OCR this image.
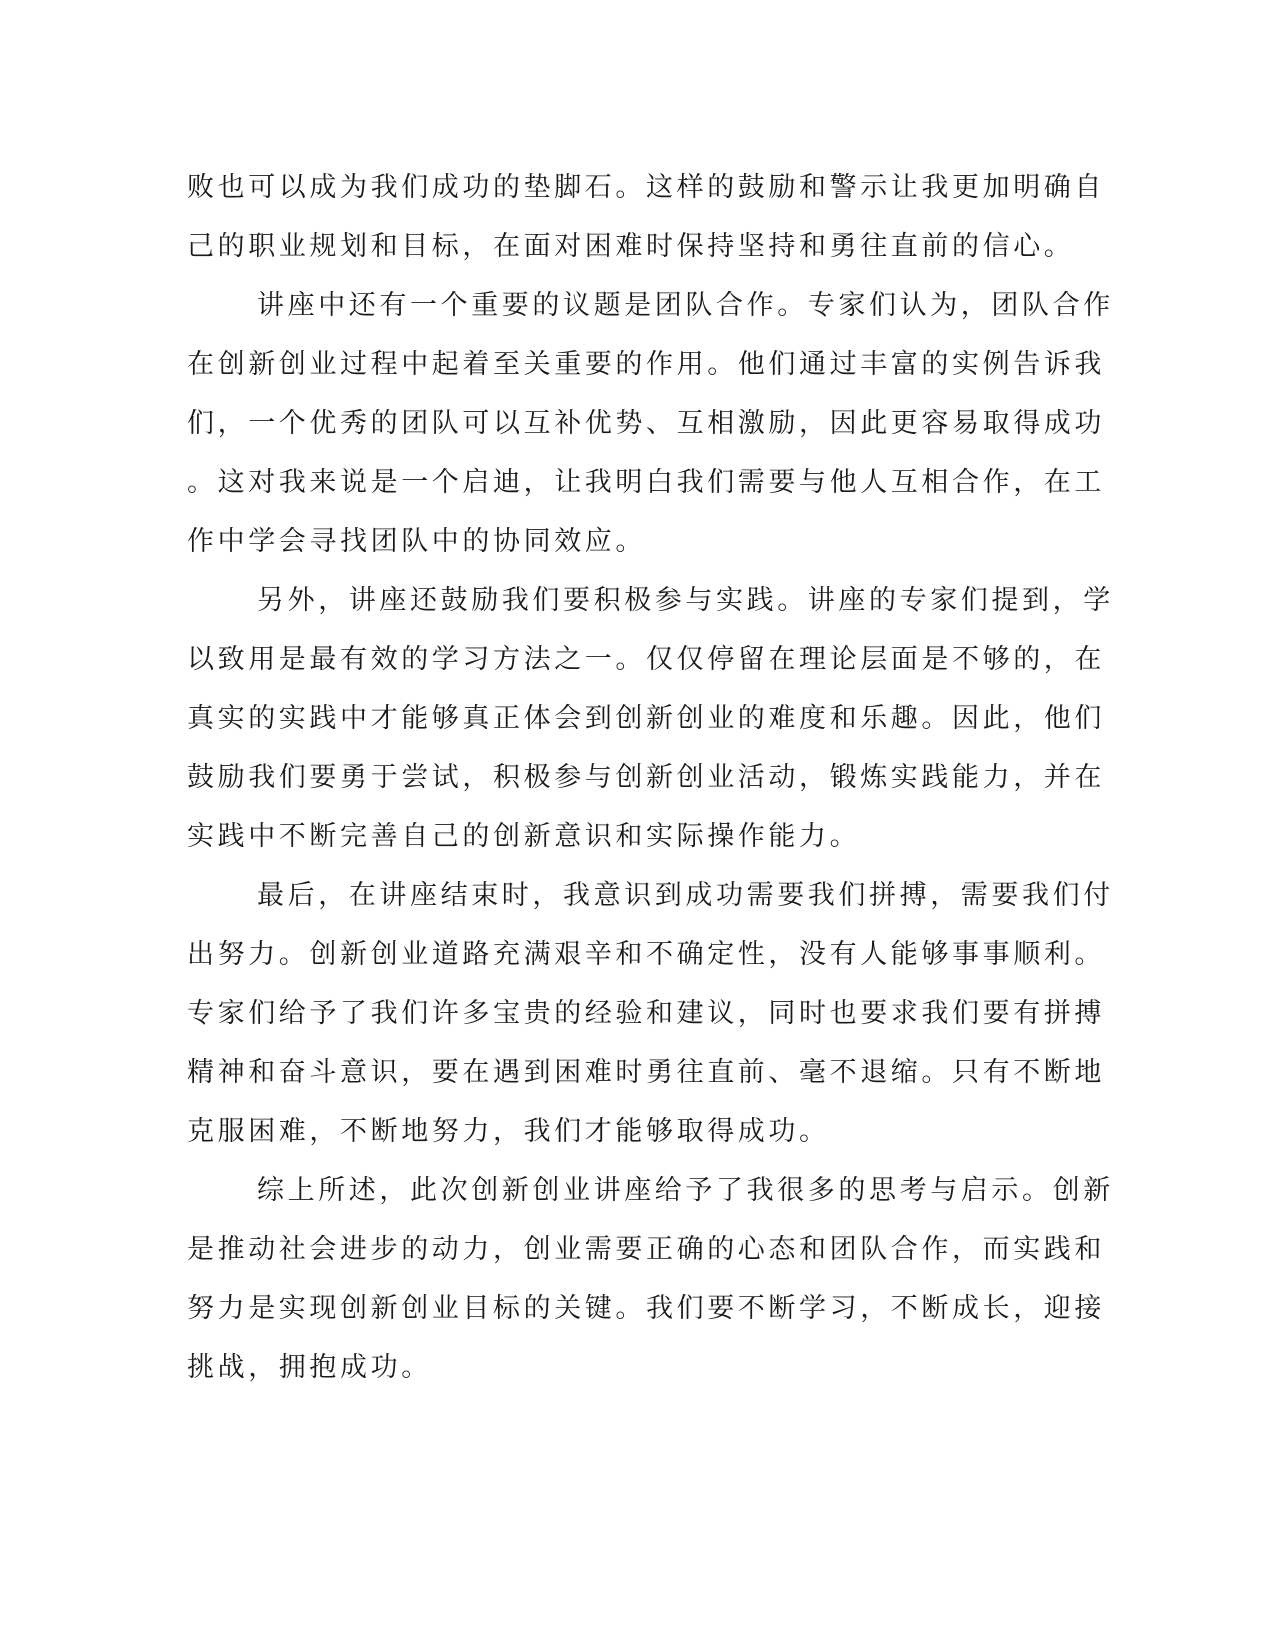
败也可以成为我们成功的垫脚石。这样的鼓励和警示让我更加明确自
己的职业规划和目标，在面对困难时保持坚持和勇往直前的信心。
讲座中还有一个重要的议题是团队合作。专家们认为，团队合作
在创新创业过程中起着至关重要的作用。他们通过丰富的实例告诉我
们，一个优秀的团队可以互补优势、互相激励，因此更容易取得成功
。这对我来说是一个启迪，让我明白我们需要与他人互相合作，在工
作中学会寻找团队中的协同效应。
另外，讲座还鼓励我们要积极参与实践。讲座的专家们提到，学
以致用是最有效的学习方法之一。仅仅停留在理论层面是不够的，在
真实的实践中才能够真正体会到创新创业的难度和乐趣。因此，他们
鼓励我们要勇于尝试，积极参与创新创业活动，锻炼实践能力，并在
实践中不断完善自己的创新意识和实际操作能力。
最后，在讲座结束时，我意识到成功需要我们拼搏，需要我们付
出努力。创新创业道路充满艰辛和不确定性，没有人能够事事顺利。
专家们给予了我们许多宝贵的经验和建议，同时也要求我们要有拼搏
精神和奋斗意识，要在遇到困难时勇往直前、毫不退缩。只有不断地
克服困难，不断地努力，我们才能够取得成功。
综上所述，此次创新创业讲座给予了我很多的思考与启示。创新
是推动社会进步的动力，创业需要正确的心态和团队合作，而实践和
努力是实现创新创业目标的关键。我们要不断学习，不断成长，迎接
挑战，拥抱成功。
